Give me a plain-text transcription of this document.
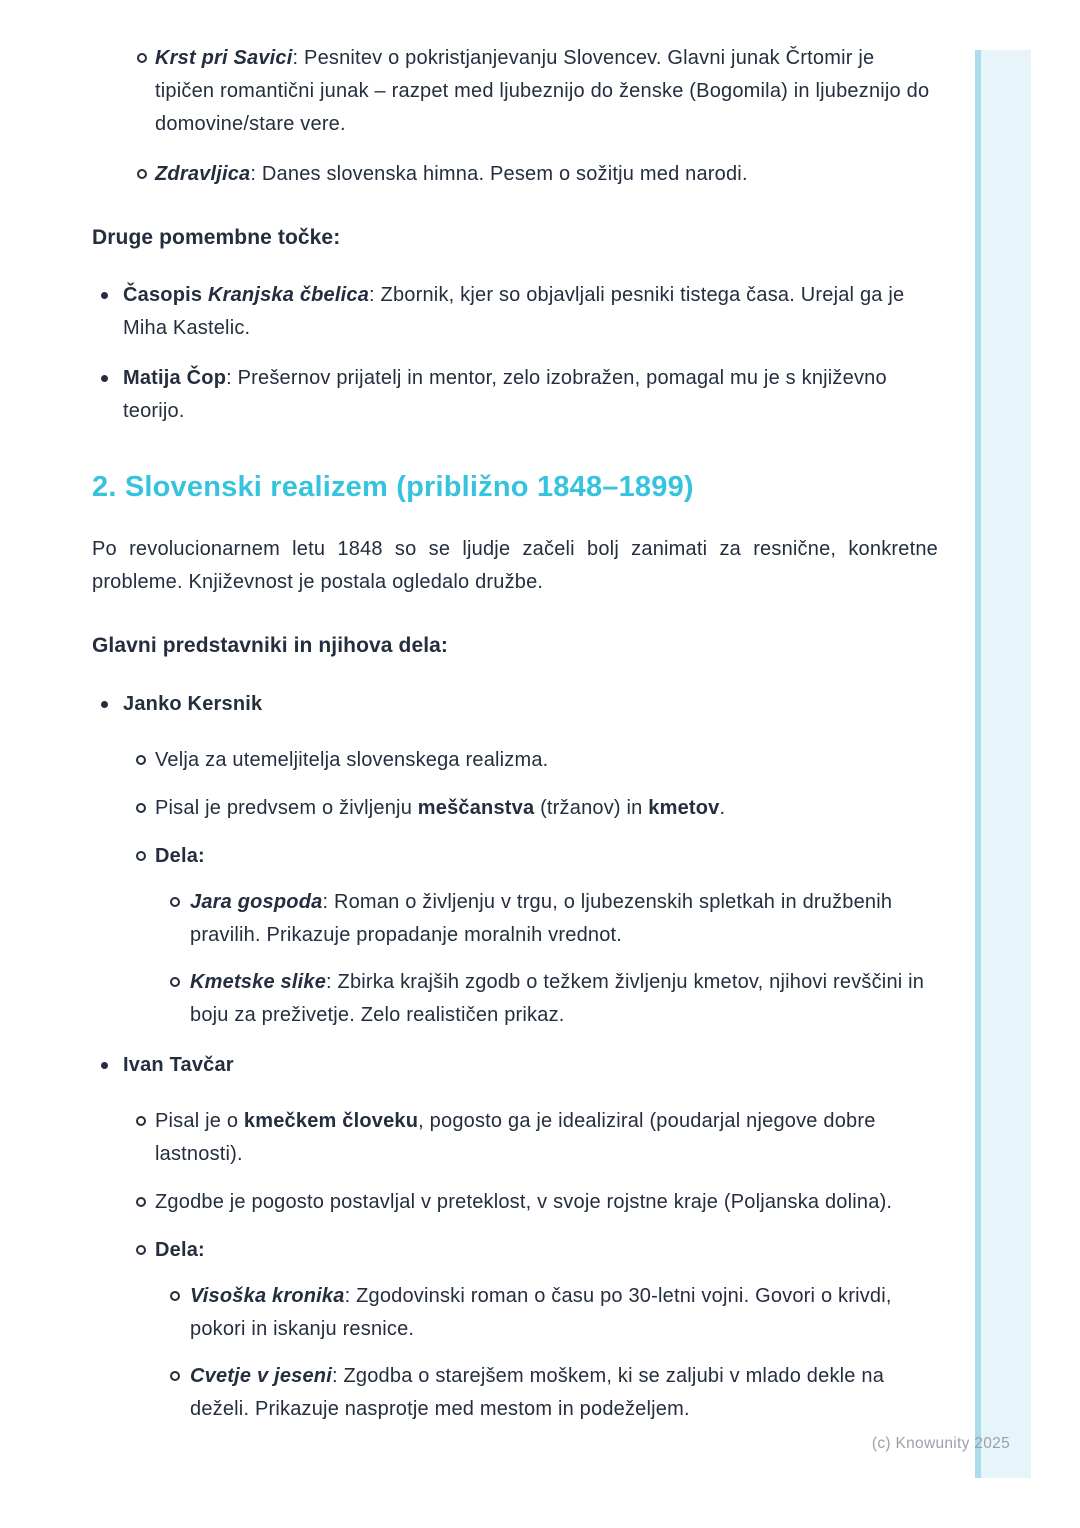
Krst pri Savici: Pesnitev o pokristjanjevanju Slovencev. Glavni junak Črtomir je tipičen romantični junak – razpet med ljubeznijo do ženske (Bogomila) in ljubeznijo do domovine/stare vere.

Zdravljica: Danes slovenska himna. Pesem o sožitju med narodi.

Druge pomembne točke:

Časopis Kranjska čbelica: Zbornik, kjer so objavljali pesniki tistega časa. Urejal ga je Miha Kastelic.

Matija Čop: Prešernov prijatelj in mentor, zelo izobražen, pomagal mu je s književno teorijo.

2. Slovenski realizem (približno 1848–1899)

Po revolucionarnem letu 1848 so se ljudje začeli bolj zanimati za resnične, konkretne probleme. Književnost je postala ogledalo družbe.

Glavni predstavniki in njihova dela:

Janko Kersnik

Velja za utemeljitelja slovenskega realizma.

Pisal je predvsem o življenju meščanstva (tržanov) in kmetov.

Dela:

Jara gospoda: Roman o življenju v trgu, o ljubezenskih spletkah in družbenih pravilih. Prikazuje propadanje moralnih vrednot.

Kmetske slike: Zbirka krajših zgodb o težkem življenju kmetov, njihovi revščini in boju za preživetje. Zelo realističen prikaz.

Ivan Tavčar

Pisal je o kmečkem človeku, pogosto ga je idealiziral (poudarjal njegove dobre lastnosti).

Zgodbe je pogosto postavljal v preteklost, v svoje rojstne kraje (Poljanska dolina).

Dela:

Visoška kronika: Zgodovinski roman o času po 30-letni vojni. Govori o krivdi, pokori in iskanju resnice.

Cvetje v jeseni: Zgodba o starejšem moškem, ki se zaljubi v mlado dekle na deželi. Prikazuje nasprotje med mestom in podeželjem.

(c) Knowunity 2025
